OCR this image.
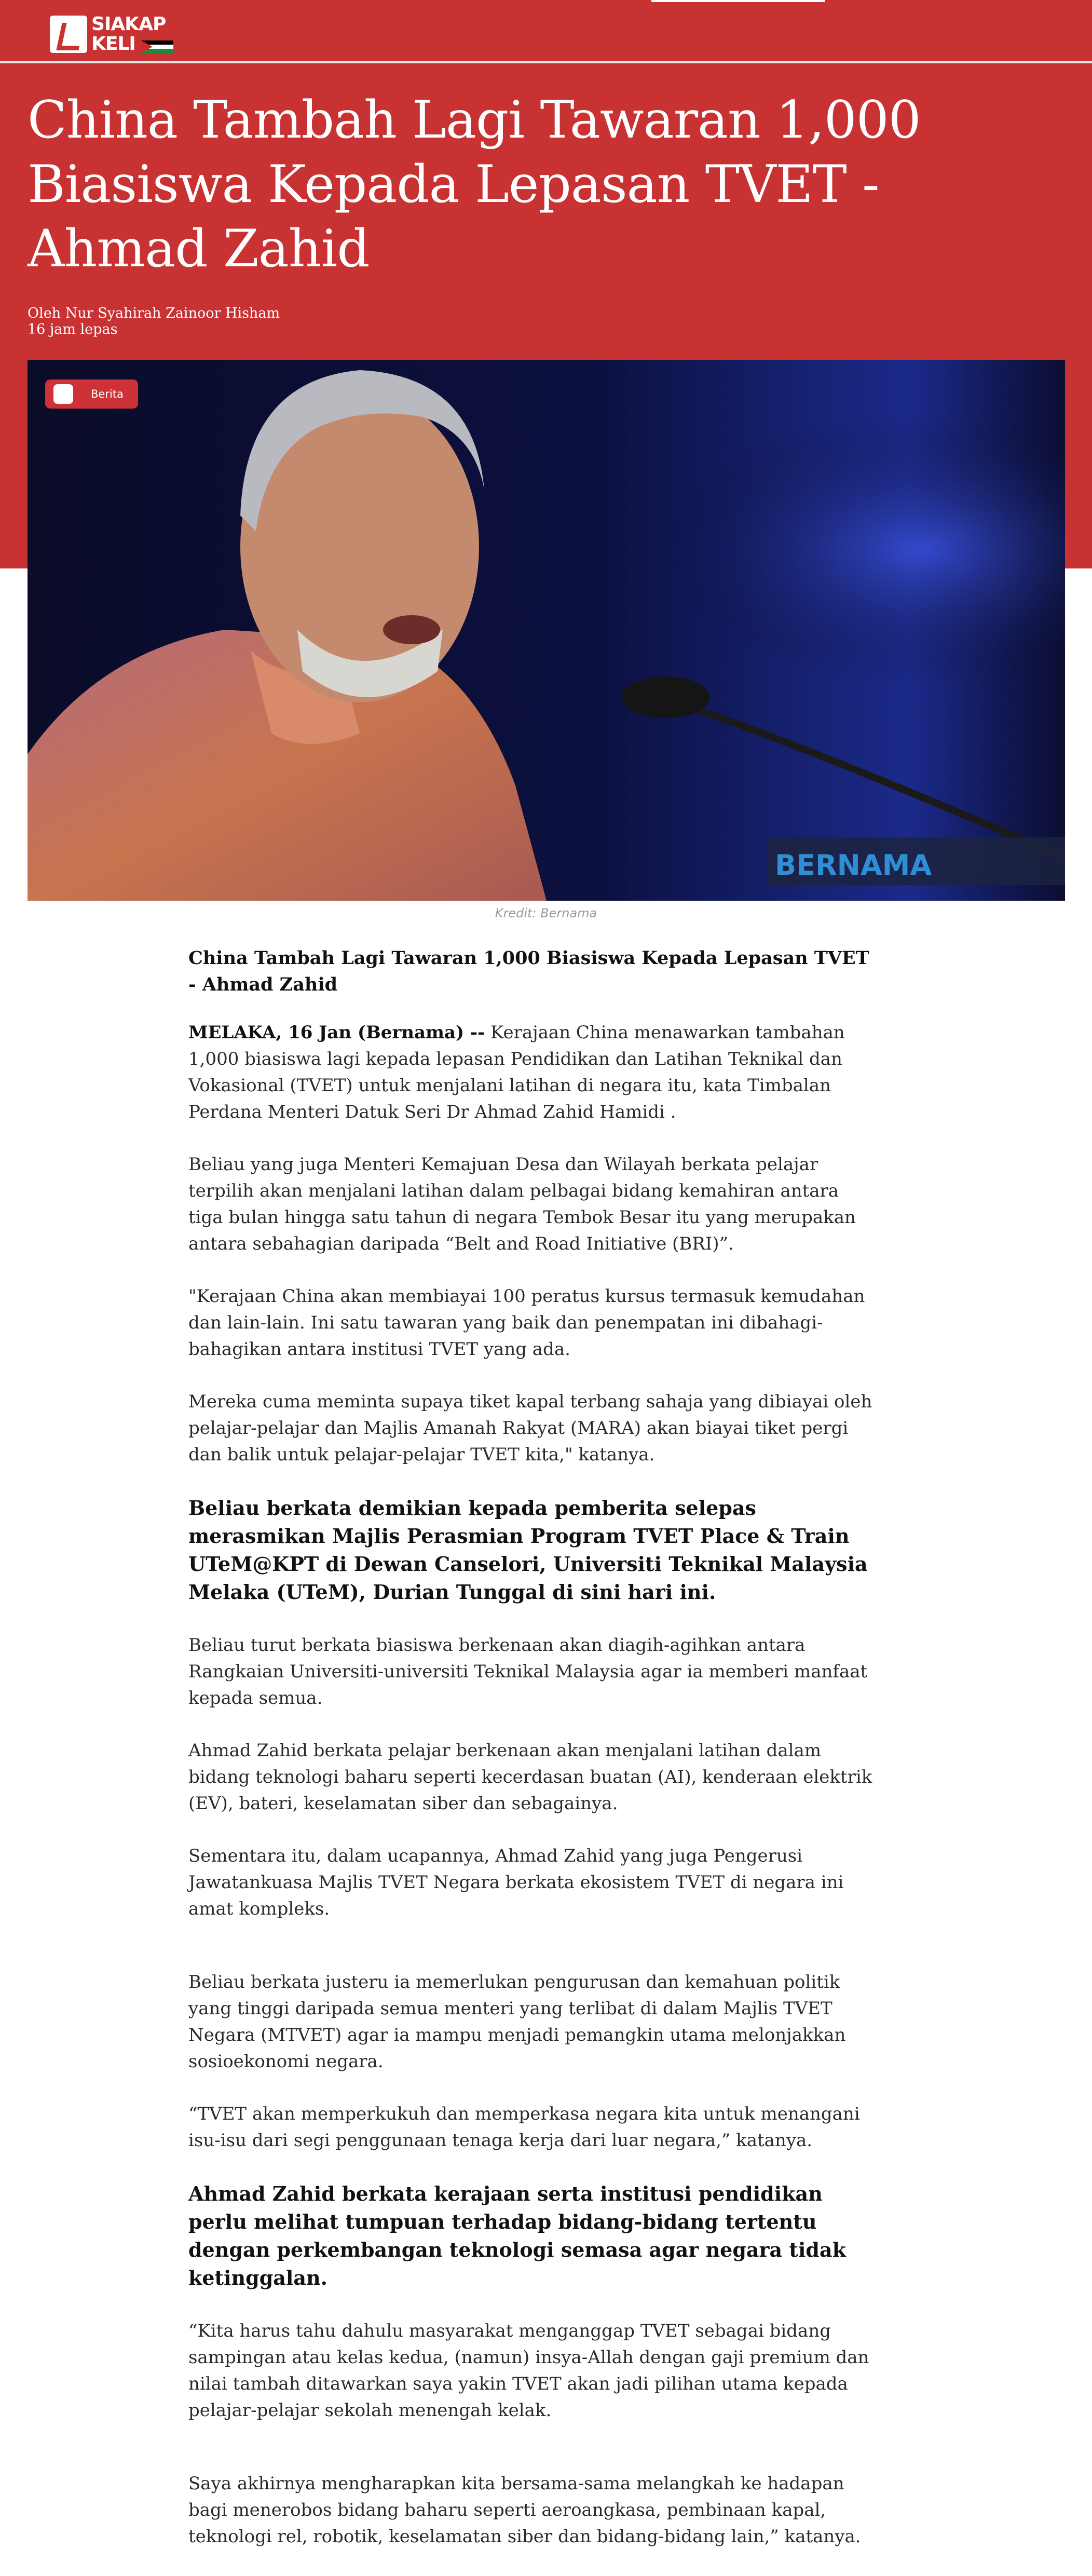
SIAKAP
KELI
China Tambah Lagi Tawaran 1,000 Biasiswa Kepada Lepasan TVET - Ahmad Zahid
Oleh Nur Syahirah Zainoor Hisham
16 jam lepas
BERNAMA
Berita
Kredit: Bernama

China Tambah Lagi Tawaran 1,000 Biasiswa Kepada Lepasan TVET - Ahmad Zahid

MELAKA, 16 Jan (Bernama) -- Kerajaan China menawarkan tambahan 1,000 biasiswa lagi kepada lepasan Pendidikan dan Latihan Teknikal dan Vokasional (TVET) untuk menjalani latihan di negara itu, kata Timbalan Perdana Menteri Datuk Seri Dr Ahmad Zahid Hamidi .

Beliau yang juga Menteri Kemajuan Desa dan Wilayah berkata pelajar terpilih akan menjalani latihan dalam pelbagai bidang kemahiran antara tiga bulan hingga satu tahun di negara Tembok Besar itu yang merupakan antara sebahagian daripada “Belt and Road Initiative (BRI)”.

"Kerajaan China akan membiayai 100 peratus kursus termasuk kemudahan dan lain-lain. Ini satu tawaran yang baik dan penempatan ini dibahagi-bahagikan antara institusi TVET yang ada.

Mereka cuma meminta supaya tiket kapal terbang sahaja yang dibiayai oleh pelajar-pelajar dan Majlis Amanah Rakyat (MARA) akan biayai tiket pergi dan balik untuk pelajar-pelajar TVET kita," katanya.

Beliau berkata demikian kepada pemberita selepas merasmikan Majlis Perasmian Program TVET Place & Train UTeM@KPT di Dewan Canselori, Universiti Teknikal Malaysia Melaka (UTeM), Durian Tunggal di sini hari ini.

Beliau turut berkata biasiswa berkenaan akan diagih-agihkan antara Rangkaian Universiti-universiti Teknikal Malaysia agar ia memberi manfaat kepada semua.

Ahmad Zahid berkata pelajar berkenaan akan menjalani latihan dalam bidang teknologi baharu seperti kecerdasan buatan (AI), kenderaan elektrik (EV), bateri, keselamatan siber dan sebagainya.

Sementara itu, dalam ucapannya, Ahmad Zahid yang juga Pengerusi Jawatankuasa Majlis TVET Negara berkata ekosistem TVET di negara ini amat kompleks.

Beliau berkata justeru ia memerlukan pengurusan dan kemahuan politik yang tinggi daripada semua menteri yang terlibat di dalam Majlis TVET Negara (MTVET) agar ia mampu menjadi pemangkin utama melonjakkan sosioekonomi negara.

“TVET akan memperkukuh dan memperkasa negara kita untuk menangani isu-isu dari segi penggunaan tenaga kerja dari luar negara,” katanya.

Ahmad Zahid berkata kerajaan serta institusi pendidikan perlu melihat tumpuan terhadap bidang-bidang tertentu dengan perkembangan teknologi semasa agar negara tidak ketinggalan.

“Kita harus tahu dahulu masyarakat menganggap TVET sebagai bidang sampingan atau kelas kedua, (namun) insya-Allah dengan gaji premium dan nilai tambah ditawarkan saya yakin TVET akan jadi pilihan utama kepada pelajar-pelajar sekolah menengah kelak.

Saya akhirnya mengharapkan kita bersama-sama melangkah ke hadapan bagi menerobos bidang baharu seperti aeroangkasa, pembinaan kapal, teknologi rel, robotik, keselamatan siber dan bidang-bidang lain,” katanya.
